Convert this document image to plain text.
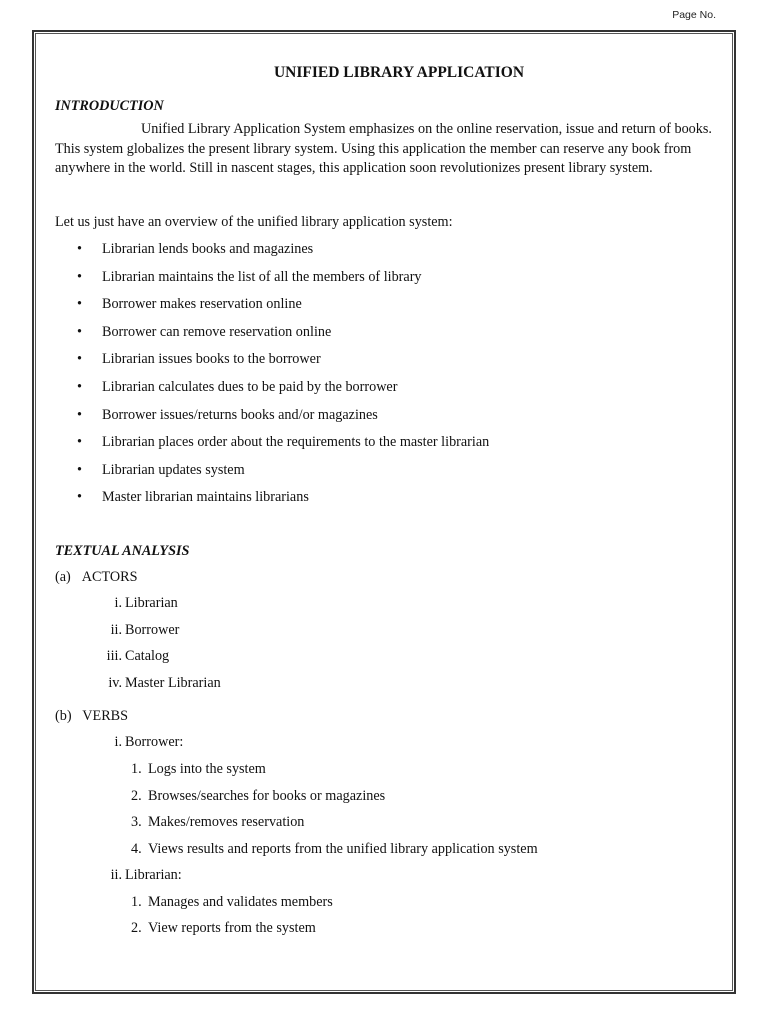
Page No.
UNIFIED LIBRARY APPLICATION
INTRODUCTION

Unified Library Application System emphasizes on the online reservation, issue and return of books. This system globalizes the present library system. Using this application the member can reserve any book from anywhere in the world. Still in nascent stages, this application soon revolutionizes present library system.

Let us just have an overview of the unified library application system:

• Librarian lends books and magazines
• Librarian maintains the list of all the members of library
• Borrower makes reservation online
• Borrower can remove reservation online
• Librarian issues books to the borrower
• Librarian calculates dues to be paid by the borrower
• Borrower issues/returns books and/or magazines
• Librarian places order about the requirements to the master librarian
• Librarian updates system
• Master librarian maintains librarians
TEXTUAL ANALYSIS
(a) ACTORS
i. Librarian
ii. Borrower
iii. Catalog
iv. Master Librarian
(b) VERBS
i. Borrower:
1. Logs into the system
2. Browses/searches for books or magazines
3. Makes/removes reservation
4. Views results and reports from the unified library application system
ii. Librarian:
1. Manages and validates members
2. View reports from the system
